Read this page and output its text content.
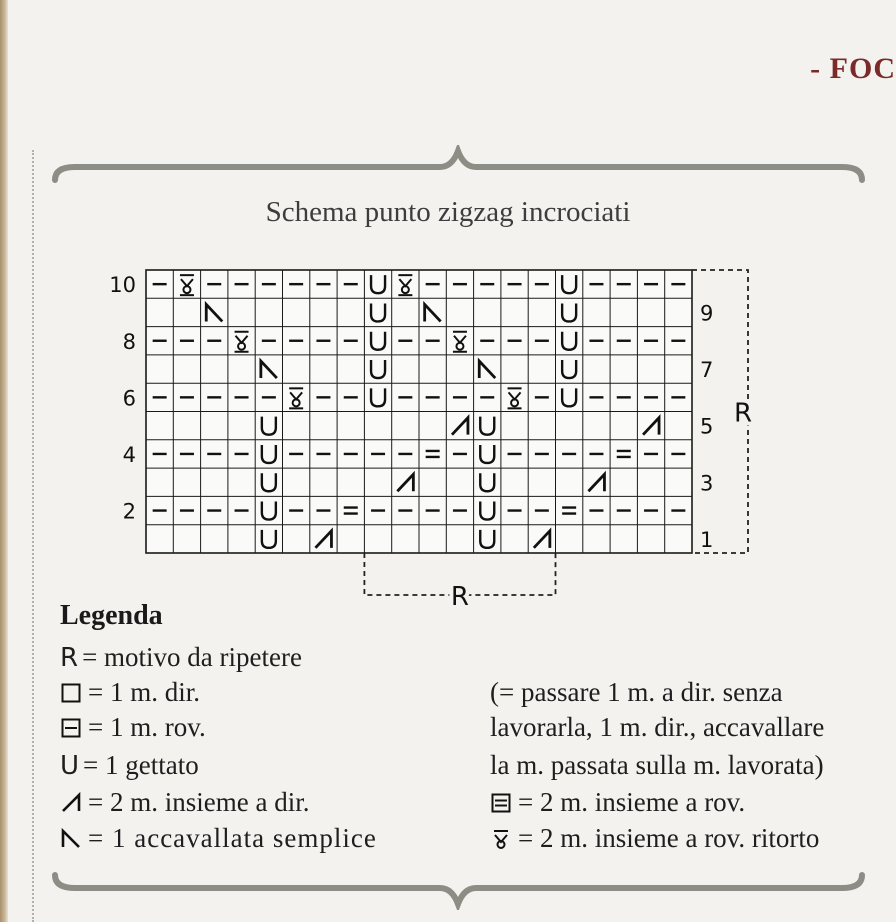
- FOC
Schema punto zigzag incrociati
10
8
6
4
2
9
7
5
3
1
R
R
Legenda
R = motivo da ripetere
= 1 m. dir.
= 1 m. rov.
U = 1 gettato
= 2 m. insieme a dir.
= 1 accavallata semplice
(= passare 1 m. a dir. senza
lavorarla, 1 m. dir., accavallare
la m. passata sulla m. lavorata)
= 2 m. insieme a rov.
= 2 m. insieme a rov. ritorto
